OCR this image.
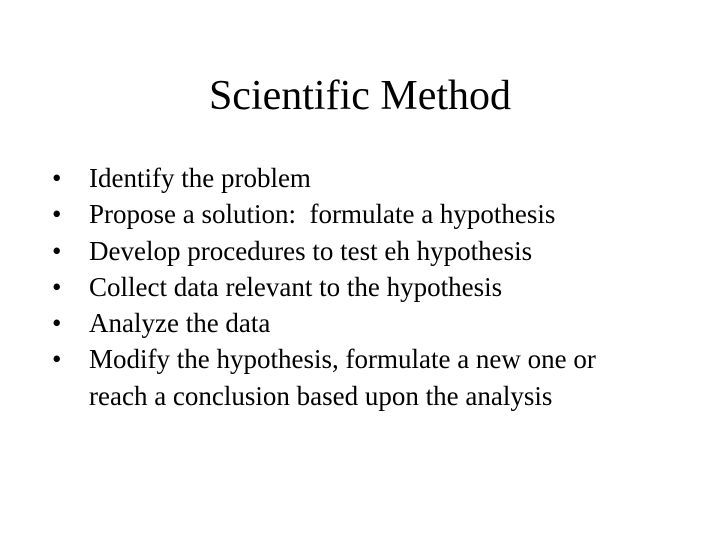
Scientific Method
•	Identify the problem
•	Propose a solution:  formulate a hypothesis
•	Develop procedures to test eh hypothesis
•	Collect data relevant to the hypothesis
•	Analyze the data
•	Modify the hypothesis, formulate a new one or reach a conclusion based upon the analysis
